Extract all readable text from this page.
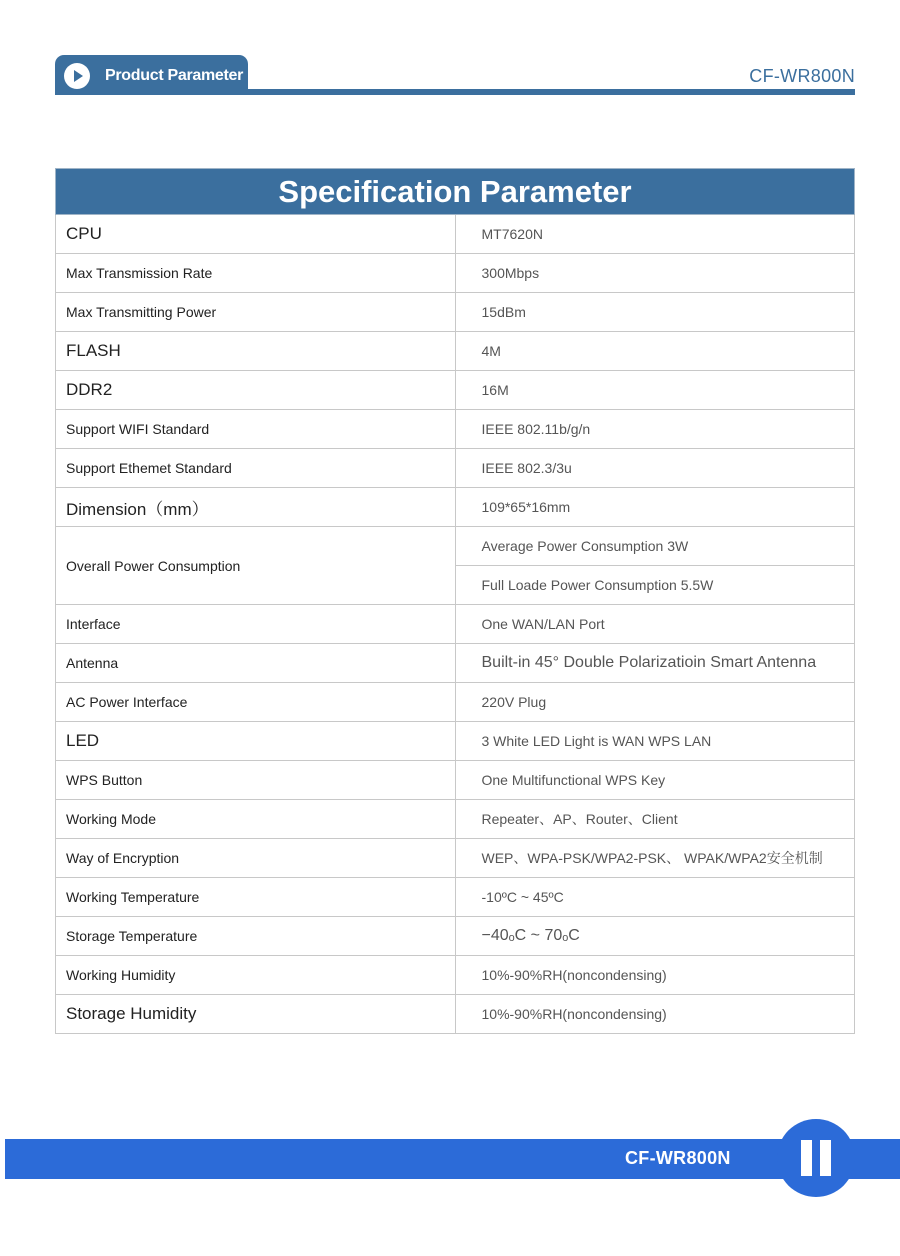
Product Parameter	CF-WR800N
Specification Parameter	
CPU	MT7620N
Max Transmission Rate	300Mbps
Max Transmitting Power	15dBm
FLASH	4M
DDR2	16M
Support WIFI Standard	IEEE 802.11b/g/n
Support Ethemet Standard	IEEE 802.3/3u
Dimension（mm）	109*65*16mm
Overall Power Consumption	Average Power Consumption 3W
	Full Loade Power Consumption 5.5W
Interface	One WAN/LAN Port
Antenna	Built-in 45° Double Polarizatioin Smart Antenna
AC Power Interface	220V Plug
LED	3 White LED Light is WAN WPS LAN
WPS Button	One Multifunctional WPS Key
Working Mode	Repeater、AP、Router、Client
Way of Encryption	WEP、WPA-PSK/WPA2-PSK、 WPAK/WPA2安全机制
Working Temperature	-10ºC ~ 45ºC
Storage Temperature	−40ₒC ~ 70ₒC
Working Humidity	10%-90%RH(noncondensing)
Storage Humidity	10%-90%RH(noncondensing)
CF-WR800N
